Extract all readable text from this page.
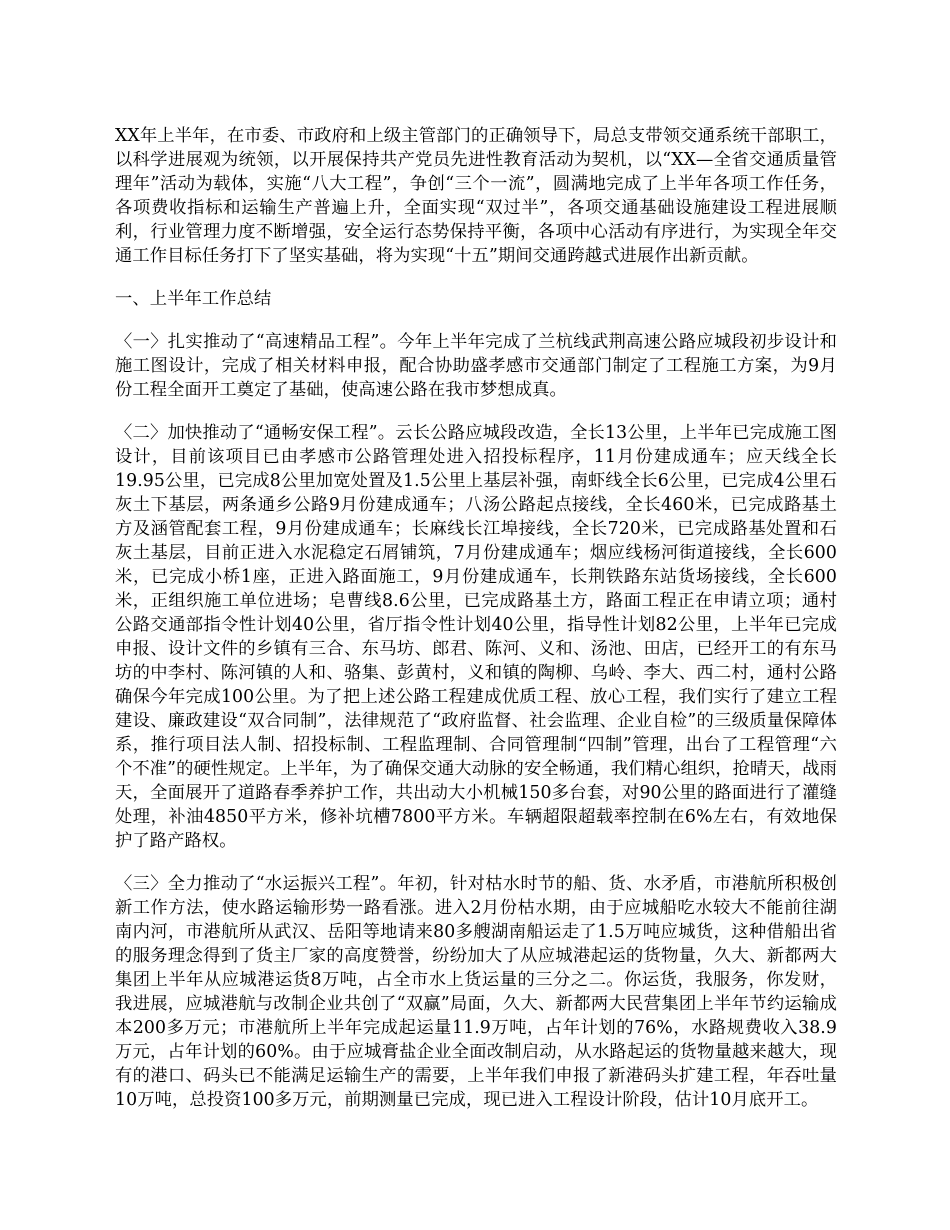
XX年上半年，在市委、市政府和上级主管部门的正确领导下，局总支带领交通系统干部职工，以科学进展观为统领，以开展保持共产党员先进性教育活动为契机，以“XX—全省交通质量管理年”活动为载体，实施“八大工程”，争创“三个一流”，圆满地完成了上半年各项工作任务，各项费收指标和运输生产普遍上升，全面实现“双过半”，各项交通基础设施建设工程进展顺利，行业管理力度不断增强，安全运行态势保持平衡，各项中心活动有序进行，为实现全年交通工作目标任务打下了坚实基础，将为实现“十五”期间交通跨越式进展作出新贡献。

一、上半年工作总结

〈一〉扎实推动了“高速精品工程”。今年上半年完成了兰杭线武荆高速公路应城段初步设计和施工图设计，完成了相关材料申报，配合协助盛孝感市交通部门制定了工程施工方案，为9月份工程全面开工奠定了基础，使高速公路在我市梦想成真。

〈二〉加快推动了“通畅安保工程”。云长公路应城段改造，全长13公里，上半年已完成施工图设计，目前该项目已由孝感市公路管理处进入招投标程序，11月份建成通车；应天线全长19.95公里，已完成8公里加宽处置及1.5公里上基层补强，南虾线全长6公里，已完成4公里石灰土下基层，两条通乡公路9月份建成通车；八汤公路起点接线，全长460米，已完成路基土方及涵管配套工程，9月份建成通车；长麻线长江埠接线，全长720米，已完成路基处置和石灰土基层，目前正进入水泥稳定石屑铺筑，7月份建成通车；烟应线杨河街道接线，全长600米，已完成小桥1座，正进入路面施工，9月份建成通车，长荆铁路东站货场接线，全长600米，正组织施工单位进场；皂曹线8.6公里，已完成路基土方，路面工程正在申请立项；通村公路交通部指令性计划40公里，省厅指令性计划40公里，指导性计划82公里，上半年已完成申报、设计文件的乡镇有三合、东马坊、郎君、陈河、义和、汤池、田店，已经开工的有东马坊的中李村、陈河镇的人和、骆集、彭黄村，义和镇的陶柳、乌岭、李大、西二村，通村公路确保今年完成100公里。为了把上述公路工程建成优质工程、放心工程，我们实行了建立工程建设、廉政建设“双合同制”，法律规范了“政府监督、社会监理、企业自检”的三级质量保障体系，推行项目法人制、招投标制、工程监理制、合同管理制“四制”管理，出台了工程管理“六个不准”的硬性规定。上半年，为了确保交通大动脉的安全畅通，我们精心组织，抢晴天，战雨天，全面展开了道路春季养护工作，共出动大小机械150多台套，对90公里的路面进行了灌缝处理，补油4850平方米，修补坑槽7800平方米。车辆超限超载率控制在6%左右，有效地保护了路产路权。

〈三〉全力推动了“水运振兴工程”。年初，针对枯水时节的船、货、水矛盾，市港航所积极创新工作方法，使水路运输形势一路看涨。进入2月份枯水期，由于应城船吃水较大不能前往湖南内河，市港航所从武汉、岳阳等地请来80多艘湖南船运走了1.5万吨应城货，这种借船出省的服务理念得到了货主厂家的高度赞誉，纷纷加大了从应城港起运的货物量，久大、新都两大集团上半年从应城港运货8万吨，占全市水上货运量的三分之二。你运货，我服务，你发财，我进展，应城港航与改制企业共创了“双赢”局面，久大、新都两大民营集团上半年节约运输成本200多万元；市港航所上半年完成起运量11.9万吨，占年计划的76%，水路规费收入38.9万元，占年计划的60%。由于应城膏盐企业全面改制启动，从水路起运的货物量越来越大，现有的港口、码头已不能满足运输生产的需要，上半年我们申报了新港码头扩建工程，年吞吐量10万吨，总投资100多万元，前期测量已完成，现已进入工程设计阶段，估计10月底开工。
